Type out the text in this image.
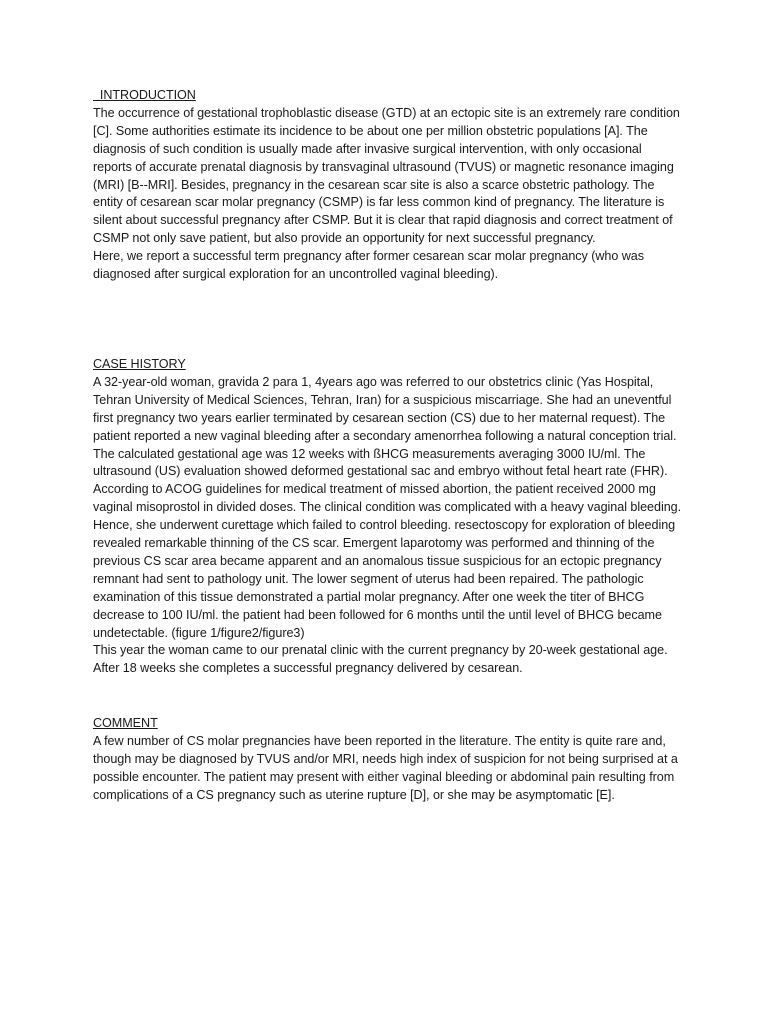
INTRODUCTION

The occurrence of gestational trophoblastic disease (GTD) at an ectopic site is an extremely rare condition [C]. Some authorities estimate its incidence to be about one per million obstetric populations [A]. The diagnosis of such condition is usually made after invasive surgical intervention, with only occasional reports of accurate prenatal diagnosis by transvaginal ultrasound (TVUS) or magnetic resonance imaging (MRI) [B--MRI]. Besides, pregnancy in the cesarean scar site is also a scarce obstetric pathology. The entity of cesarean scar molar pregnancy (CSMP) is far less common kind of pregnancy. The literature is silent about successful pregnancy after CSMP. But it is clear that rapid diagnosis and correct treatment of CSMP not only save patient, but also provide an opportunity for next successful pregnancy.

Here, we report a successful term pregnancy after former cesarean scar molar pregnancy (who was diagnosed after surgical exploration for an uncontrolled vaginal bleeding).

CASE HISTORY

A 32-year-old woman, gravida 2 para 1, 4years ago was referred to our obstetrics clinic (Yas Hospital, Tehran University of Medical Sciences, Tehran, Iran) for a suspicious miscarriage. She had an uneventful first pregnancy two years earlier terminated by cesarean section (CS) due to her maternal request). The patient reported a new vaginal bleeding after a secondary amenorrhea following a natural conception trial. The calculated gestational age was 12 weeks with ßHCG measurements averaging 3000 IU/ml. The ultrasound (US) evaluation showed deformed gestational sac and embryo without fetal heart rate (FHR).

According to ACOG guidelines for medical treatment of missed abortion, the patient received 2000 mg vaginal misoprostol in divided doses. The clinical condition was complicated with a heavy vaginal bleeding. Hence, she underwent curettage which failed to control bleeding. resectoscopy for exploration of bleeding revealed remarkable thinning of the CS scar. Emergent laparotomy was performed and thinning of the previous CS scar area became apparent and an anomalous tissue suspicious for an ectopic pregnancy remnant had sent to pathology unit. The lower segment of uterus had been repaired. The pathologic examination of this tissue demonstrated a partial molar pregnancy. After one week the titer of BHCG decrease to 100 IU/ml. the patient had been followed for 6 months until the until level of BHCG became undetectable. (figure 1/figure2/figure3)

This year the woman came to our prenatal clinic with the current pregnancy by 20-week gestational age. After 18 weeks she completes a successful pregnancy delivered by cesarean.

COMMENT

A few number of CS molar pregnancies have been reported in the literature. The entity is quite rare and, though may be diagnosed by TVUS and/or MRI, needs high index of suspicion for not being surprised at a possible encounter. The patient may present with either vaginal bleeding or abdominal pain resulting from complications of a CS pregnancy such as uterine rupture [D], or she may be asymptomatic [E].
